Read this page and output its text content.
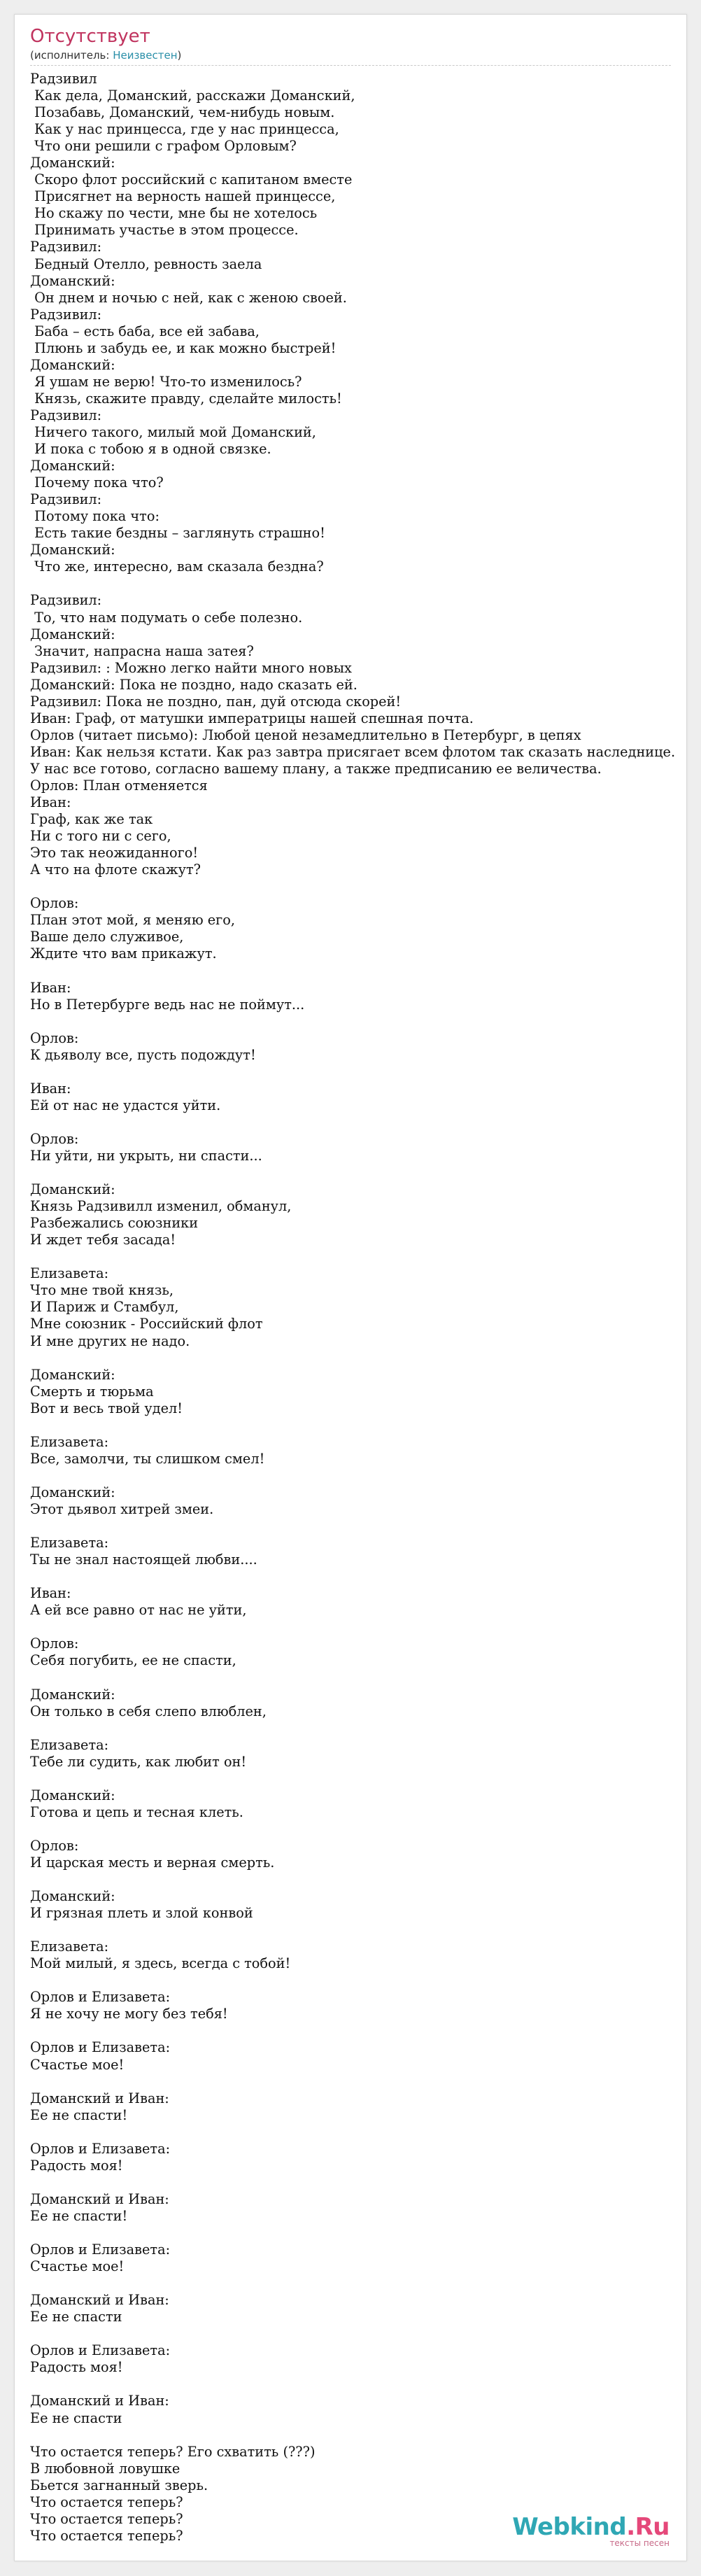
Отсутствует
(исполнитель: Неизвестен)
Радзивил
Как дела, Доманский, расскажи Доманский,
Позабавь, Доманский, чем-нибудь новым.
Как у нас принцесса, где у нас принцесса,
Что они решили с графом Орловым?
Доманский:
Скоро флот российский с капитаном вместе
Присягнет на верность нашей принцессе,
Но скажу по чести, мне бы не хотелось
Принимать участье в этом процессе.
Радзивил:
Бедный Отелло, ревность заела
Доманский:
Он днем и ночью с ней, как с женою своей.
Радзивил:
Баба – есть баба, все ей забава,
Плюнь и забудь ее, и как можно быстрей!
Доманский:
Я ушам не верю! Что-то изменилось?
Князь, скажите правду, сделайте милость!
Радзивил:
Ничего такого, милый мой Доманский,
И пока с тобою я в одной связке.
Доманский:
Почему пока что?
Радзивил:
Потому пока что:
Есть такие бездны – заглянуть страшно!
Доманский:
Что же, интересно, вам сказала бездна?

Радзивил:
То, что нам подумать о себе полезно.
Доманский:
Значит, напрасна наша затея?
Радзивил: : Можно легко найти много новых
Доманский: Пока не поздно, надо сказать ей.
Радзивил: Пока не поздно, пан, дуй отсюда скорей!
Иван: Граф, от матушки императрицы нашей спешная почта.
Орлов (читает письмо): Любой ценой незамедлительно в Петербург, в цепях
Иван: Как нельзя кстати. Как раз завтра присягает всем флотом так сказать наследнице.
У нас все готово, согласно вашему плану, а также предписанию ее величества.
Орлов: План отменяется
Иван:
Граф, как же так
Ни с того ни с сего,
Это так неожиданного!
А что на флоте скажут?

Орлов:
План этот мой, я меняю его,
Ваше дело служивое,
Ждите что вам прикажут.

Иван:
Но в Петербурге ведь нас не поймут...

Орлов:
К дьяволу все, пусть подождут!

Иван:
Ей от нас не удастся уйти.

Орлов:
Ни уйти, ни укрыть, ни спасти...

Доманский:
Князь Радзивилл изменил, обманул,
Разбежались союзники
И ждет тебя засада!

Елизавета:
Что мне твой князь,
И Париж и Стамбул,
Мне союзник - Российский флот
И мне других не надо.

Доманский:
Смерть и тюрьма
Вот и весь твой удел!

Елизавета:
Все, замолчи, ты слишком смел!

Доманский:
Этот дьявол хитрей змеи.

Елизавета:
Ты не знал настоящей любви....

Иван:
А ей все равно от нас не уйти,

Орлов:
Себя погубить, ее не спасти,

Доманский:
Он только в себя слепо влюблен,

Елизавета:
Тебе ли судить, как любит он!

Доманский:
Готова и цепь и тесная клеть.

Орлов:
И царская месть и верная смерть.

Доманский:
И грязная плеть и злой конвой

Елизавета:
Мой милый, я здесь, всегда с тобой!

Орлов и Елизавета:
Я не хочу не могу без тебя!

Орлов и Елизавета:
Счастье мое!

Доманский и Иван:
Ее не спасти!

Орлов и Елизавета:
Радость моя!

Доманский и Иван:
Ее не спасти!

Орлов и Елизавета:
Счастье мое!

Доманский и Иван:
Ее не спасти

Орлов и Елизавета:
Радость моя!

Доманский и Иван:
Ее не спасти

Что остается теперь? Его схватить (???)
В любовной ловушке
Бьется загнанный зверь.
Что остается теперь?
Что остается теперь?
Что остается теперь?	Webkind.Ru
тексты песен
